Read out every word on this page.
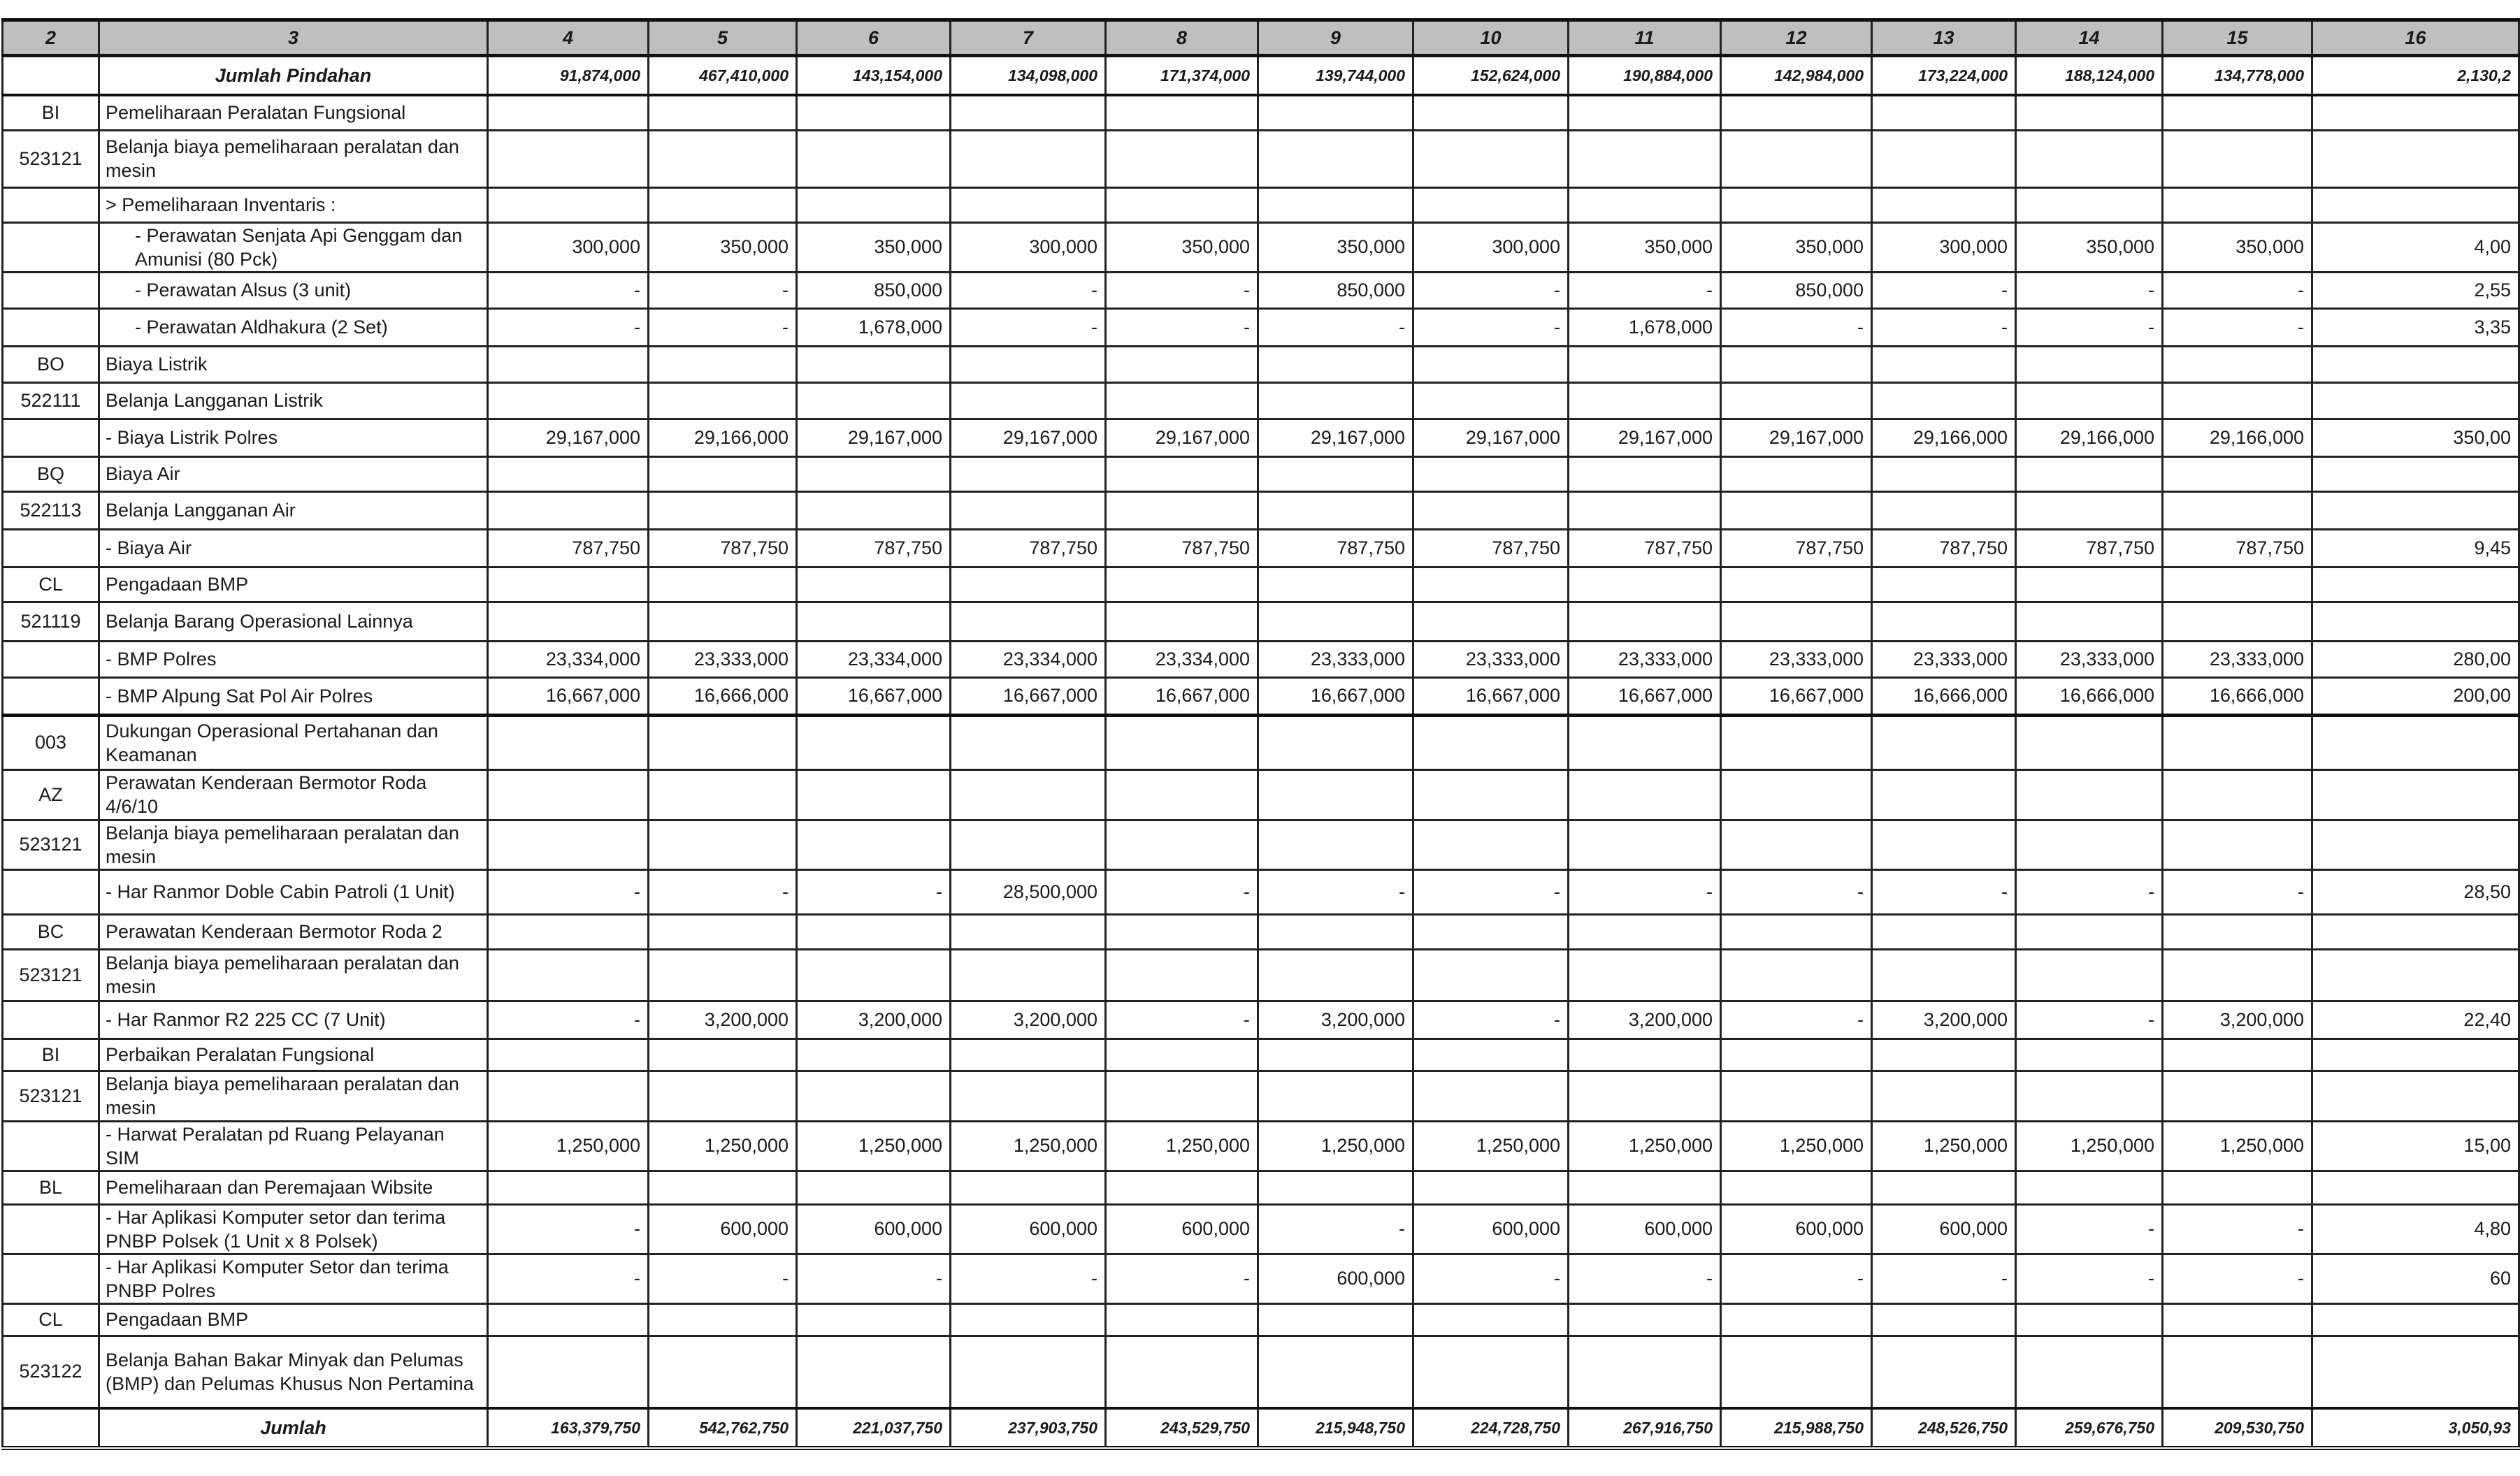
2	3	4	5	6	7	8	9	10	11	12	13	14	15	16
	Jumlah Pindahan	91,874,000	467,410,000	143,154,000	134,098,000	171,374,000	139,744,000	152,624,000	190,884,000	142,984,000	173,224,000	188,124,000	134,778,000	2,130,2
BI	Pemeliharaan Peralatan Fungsional													
523121	Belanja biaya pemeliharaan peralatan dan mesin													
	> Pemeliharaan Inventaris :													
	- Perawatan Senjata Api Genggam dan Amunisi (80 Pck)	300,000	350,000	350,000	300,000	350,000	350,000	300,000	350,000	350,000	300,000	350,000	350,000	4,00
	- Perawatan Alsus (3 unit)	-	-	850,000	-	-	850,000	-	-	850,000	-	-	-	2,55
	- Perawatan Aldhakura (2 Set)	-	-	1,678,000	-	-	-	-	1,678,000	-	-	-	-	3,35
BO	Biaya Listrik													
522111	Belanja Langganan Listrik													
	- Biaya Listrik Polres	29,167,000	29,166,000	29,167,000	29,167,000	29,167,000	29,167,000	29,167,000	29,167,000	29,167,000	29,166,000	29,166,000	29,166,000	350,00
BQ	Biaya Air													
522113	Belanja Langganan Air													
	- Biaya Air	787,750	787,750	787,750	787,750	787,750	787,750	787,750	787,750	787,750	787,750	787,750	787,750	9,45
CL	Pengadaan BMP													
521119	Belanja Barang Operasional Lainnya													
	- BMP Polres	23,334,000	23,333,000	23,334,000	23,334,000	23,334,000	23,333,000	23,333,000	23,333,000	23,333,000	23,333,000	23,333,000	23,333,000	280,00
	- BMP Alpung Sat Pol Air Polres	16,667,000	16,666,000	16,667,000	16,667,000	16,667,000	16,667,000	16,667,000	16,667,000	16,667,000	16,666,000	16,666,000	16,666,000	200,00
003	Dukungan Operasional Pertahanan dan Keamanan													
AZ	Perawatan Kenderaan Bermotor Roda 4/6/10													
523121	Belanja biaya pemeliharaan peralatan dan mesin													
	- Har Ranmor Doble Cabin Patroli (1 Unit)	-	-	-	28,500,000	-	-	-	-	-	-	-	-	28,50
BC	Perawatan Kenderaan Bermotor Roda 2													
523121	Belanja biaya pemeliharaan peralatan dan mesin													
	- Har Ranmor R2 225 CC (7 Unit)	-	3,200,000	3,200,000	3,200,000	-	3,200,000	-	3,200,000	-	3,200,000	-	3,200,000	22,40
BI	Perbaikan Peralatan Fungsional													
523121	Belanja biaya pemeliharaan peralatan dan mesin													
	- Harwat Peralatan pd Ruang Pelayanan SIM	1,250,000	1,250,000	1,250,000	1,250,000	1,250,000	1,250,000	1,250,000	1,250,000	1,250,000	1,250,000	1,250,000	1,250,000	15,00
BL	Pemeliharaan dan Peremajaan Wibsite													
	- Har Aplikasi Komputer setor dan terima PNBP Polsek (1 Unit x 8 Polsek)	-	600,000	600,000	600,000	600,000	-	600,000	600,000	600,000	600,000	-	-	4,80
	- Har Aplikasi Komputer Setor dan terima PNBP Polres	-	-	-	-	-	600,000	-	-	-	-	-	-	60
CL	Pengadaan BMP													
523122	Belanja Bahan Bakar Minyak dan Pelumas (BMP) dan Pelumas Khusus Non Pertamina													
	Jumlah	163,379,750	542,762,750	221,037,750	237,903,750	243,529,750	215,948,750	224,728,750	267,916,750	215,988,750	248,526,750	259,676,750	209,530,750	3,050,93
